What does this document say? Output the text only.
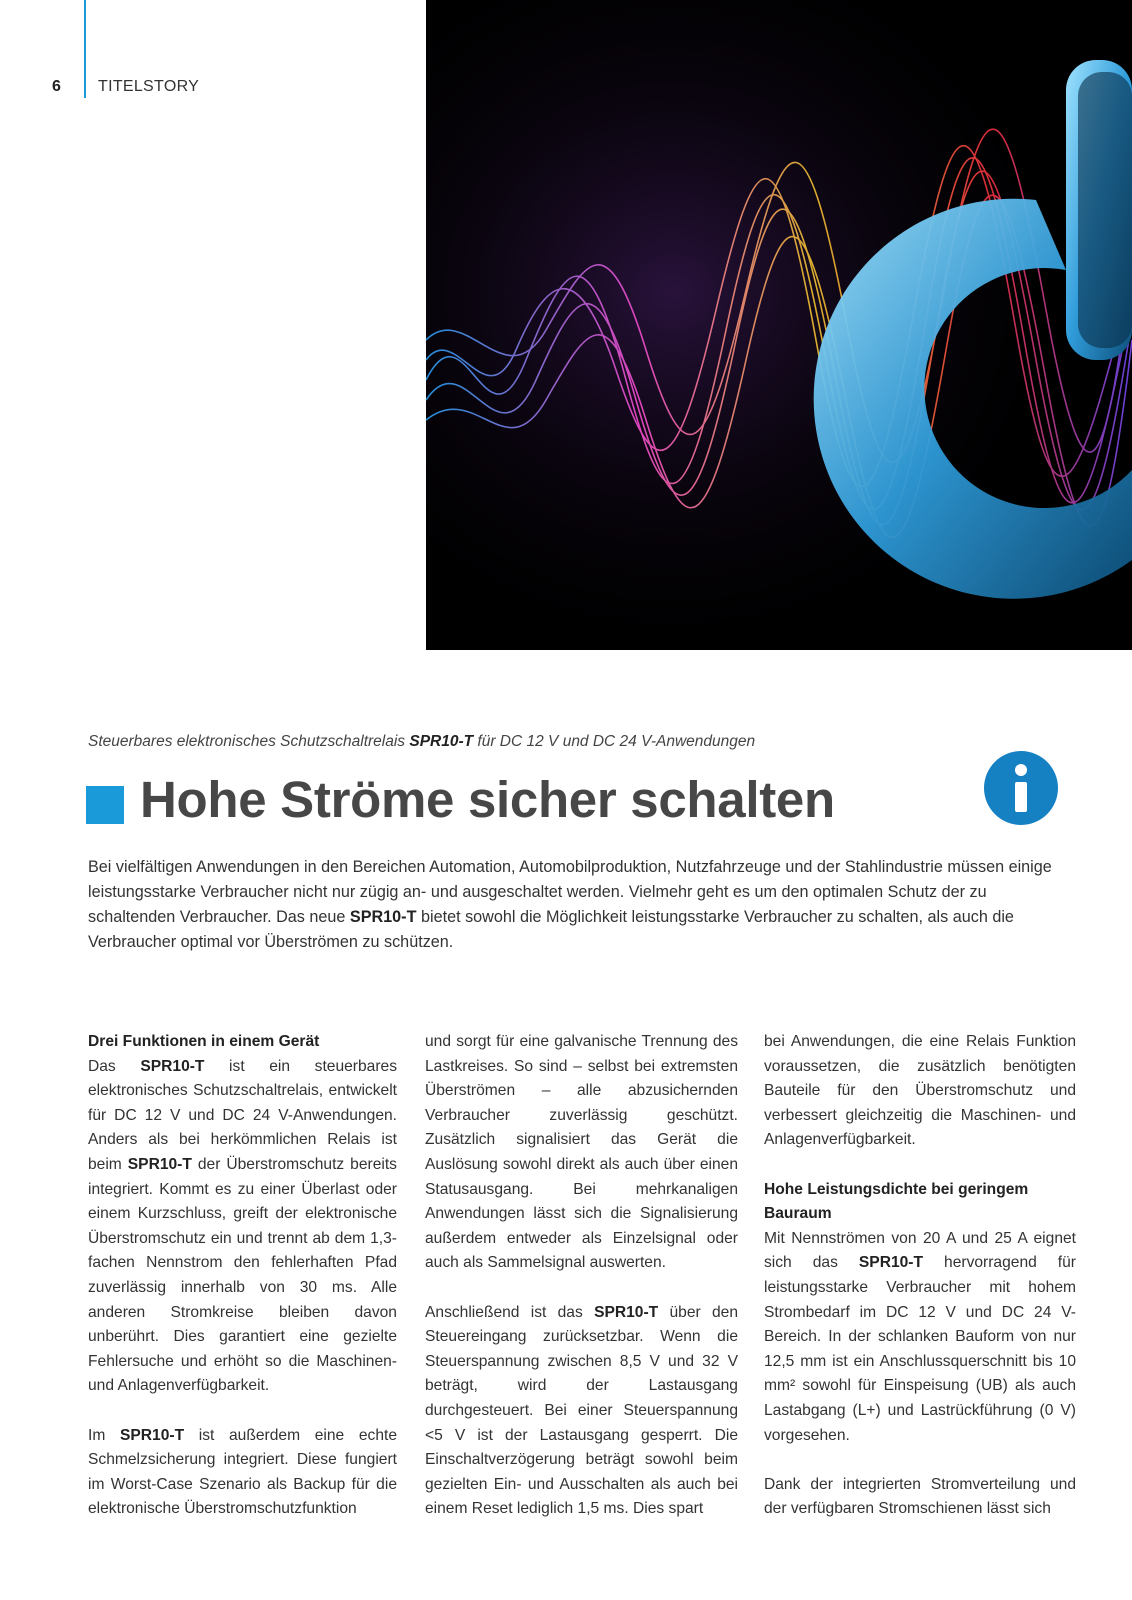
6 TITELSTORY
Steuerbares elektronisches Schutzschaltrelais SPR10-T für DC 12 V und DC 24 V-Anwendungen
Hohe Ströme sicher schalten

Bei vielfältigen Anwendungen in den Bereichen Automation, Automobilproduktion, Nutzfahrzeuge und der Stahlindustrie müssen einige leistungsstarke Verbraucher nicht nur zügig an- und ausgeschaltet werden. Vielmehr geht es um den optimalen Schutz der zu schaltenden Verbraucher. Das neue SPR10-T bietet sowohl die Möglichkeit leistungsstarke Verbraucher zu schalten, als auch die Verbraucher optimal vor Überströmen zu schützen.

Drei Funktionen in einem Gerät

Das SPR10-T ist ein steuerbares elektronisches Schutzschaltrelais, entwickelt für DC 12 V und DC 24 V-Anwendungen. Anders als bei herkömmlichen Relais ist beim SPR10-T der Überstromschutz bereits integriert. Kommt es zu einer Überlast oder einem Kurzschluss, greift der elektronische Überstromschutz ein und trennt ab dem 1,3-fachen Nennstrom den fehlerhaften Pfad zuverlässig innerhalb von 30 ms. Alle anderen Stromkreise bleiben davon unberührt. Dies garantiert eine gezielte Fehlersuche und erhöht so die Maschinen- und Anlagenverfügbarkeit.

Im SPR10-T ist außerdem eine echte Schmelzsicherung integriert. Diese fungiert im Worst-Case Szenario als Backup für die elektronische Überstromschutzfunktion

und sorgt für eine galvanische Trennung des Lastkreises. So sind – selbst bei extremsten Überströmen – alle abzusichernden Verbraucher zuverlässig geschützt. Zusätzlich signalisiert das Gerät die Auslösung sowohl direkt als auch über einen Statusausgang. Bei mehrkanaligen Anwendungen lässt sich die Signalisierung außerdem entweder als Einzelsignal oder auch als Sammelsignal auswerten.

Anschließend ist das SPR10-T über den Steuereingang zurücksetzbar. Wenn die Steuerspannung zwischen 8,5 V und 32 V beträgt, wird der Lastausgang durchgesteuert. Bei einer Steuerspannung <5 V ist der Lastausgang gesperrt. Die Einschaltverzögerung beträgt sowohl beim gezielten Ein- und Ausschalten als auch bei einem Reset lediglich 1,5 ms. Dies spart

bei Anwendungen, die eine Relais Funktion voraussetzen, die zusätzlich benötigten Bauteile für den Überstromschutz und verbessert gleichzeitig die Maschinen- und Anlagenverfügbarkeit.

Hohe Leistungsdichte bei geringem Bauraum

Mit Nennströmen von 20 A und 25 A eignet sich das SPR10-T hervorragend für leistungsstarke Verbraucher mit hohem Strombedarf im DC 12 V und DC 24 V-Bereich. In der schlanken Bauform von nur 12,5 mm ist ein Anschlussquerschnitt bis 10 mm² sowohl für Einspeisung (UB) als auch Lastabgang (L+) und Lastrückführung (0 V) vorgesehen.

Dank der integrierten Stromverteilung und der verfügbaren Stromschienen lässt sich
